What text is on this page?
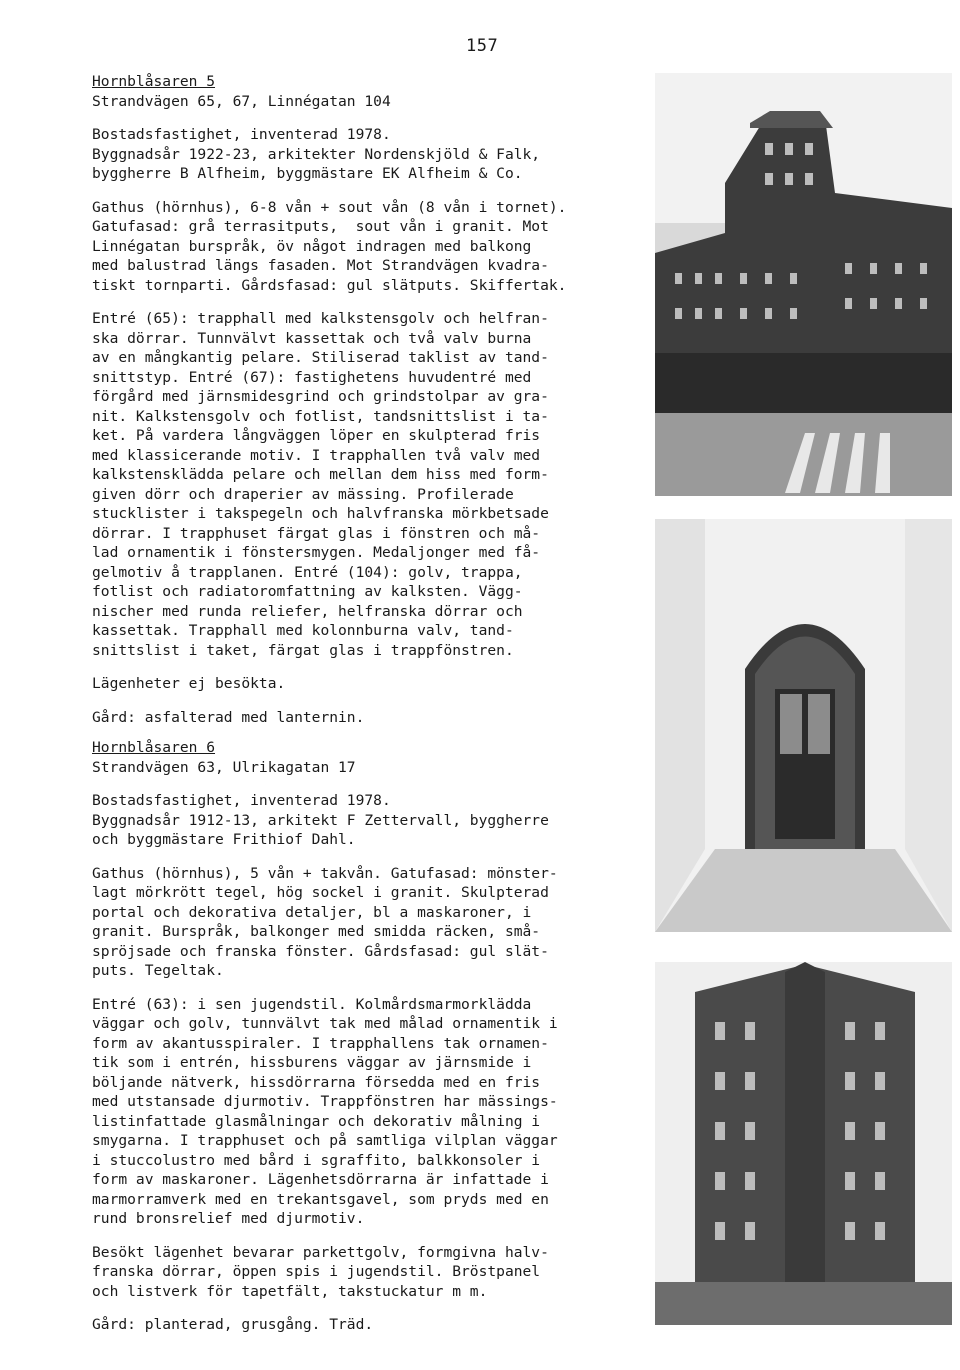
157

Hornblåsaren 5

Strandvägen 65, 67, Linnégatan 104

Bostadsfastighet, inventerad 1978.
Byggnadsår 1922-23, arkitekter Nordenskjöld & Falk,
byggherre B Alfheim, byggmästare EK Alfheim & Co.

Gathus (hörnhus), 6-8 vån + sout vån (8 vån i tornet).
Gatufasad: grå terrasitputs,  sout vån i granit. Mot
Linnégatan burspråk, öv något indragen med balkong
med balustrad längs fasaden. Mot Strandvägen kvadra-
tiskt tornparti. Gårdsfasad: gul slätputs. Skiffertak.

Entré (65): trapphall med kalkstensgolv och helfran-
ska dörrar. Tunnvälvt kassettak och två valv burna
av en mångkantig pelare. Stiliserad taklist av tand-
snittstyp. Entré (67): fastighetens huvudentré med
förgård med järnsmidesgrind och grindstolpar av gra-
nit. Kalkstensgolv och fotlist, tandsnittslist i ta-
ket. På vardera långväggen löper en skulpterad fris
med klassicerande motiv. I trapphallen två valv med
kalkstensklädda pelare och mellan dem hiss med form-
given dörr och draperier av mässing. Profilerade
stucklister i takspegeln och halvfranska mörkbetsade
dörrar. I trapphuset färgat glas i fönstren och må-
lad ornamentik i fönstersmygen. Medaljonger med få-
gelmotiv å trapplanen. Entré (104): golv, trappa,
fotlist och radiatoromfattning av kalksten. Vägg-
nischer med runda reliefer, helfranska dörrar och
kassettak. Trapphall med kolonnburna valv, tand-
snittslist i taket, färgat glas i trappfönstren.

Lägenheter ej besökta.

Gård: asfalterad med lanternin.

Hornblåsaren 6

Strandvägen 63, Ulrikagatan 17

Bostadsfastighet, inventerad 1978.
Byggnadsår 1912-13, arkitekt F Zettervall, byggherre
och byggmästare Frithiof Dahl.

Gathus (hörnhus), 5 vån + takvån. Gatufasad: mönster-
lagt mörkrött tegel, hög sockel i granit. Skulpterad
portal och dekorativa detaljer, bl a maskaroner, i
granit. Burspråk, balkonger med smidda räcken, små-
spröjsade och franska fönster. Gårdsfasad: gul slät-
puts. Tegeltak.

Entré (63): i sen jugendstil. Kolmårdsmarmorklädda
väggar och golv, tunnvälvt tak med målad ornamentik i
form av akantusspiraler. I trapphallens tak ornamen-
tik som i entrén, hissburens väggar av järnsmide i
böljande nätverk, hissdörrarna försedda med en fris
med utstansade djurmotiv. Trappfönstren har mässings-
listinfattade glasmålningar och dekorativ målning i
smygarna. I trapphuset och på samtliga vilplan väggar
i stuccolustro med bård i sgraffito, balkkonsoler i
form av maskaroner. Lägenhetsdörrarna är infattade i
marmorramverk med en trekantsgavel, som pryds med en
rund bronsrelief med djurmotiv.

Besökt lägenhet bevarar parkettgolv, formgivna halv-
franska dörrar, öppen spis i jugendstil. Bröstpanel
och listverk för tapetfält, takstuckatur m m.

Gård: planterad, grusgång. Träd.
